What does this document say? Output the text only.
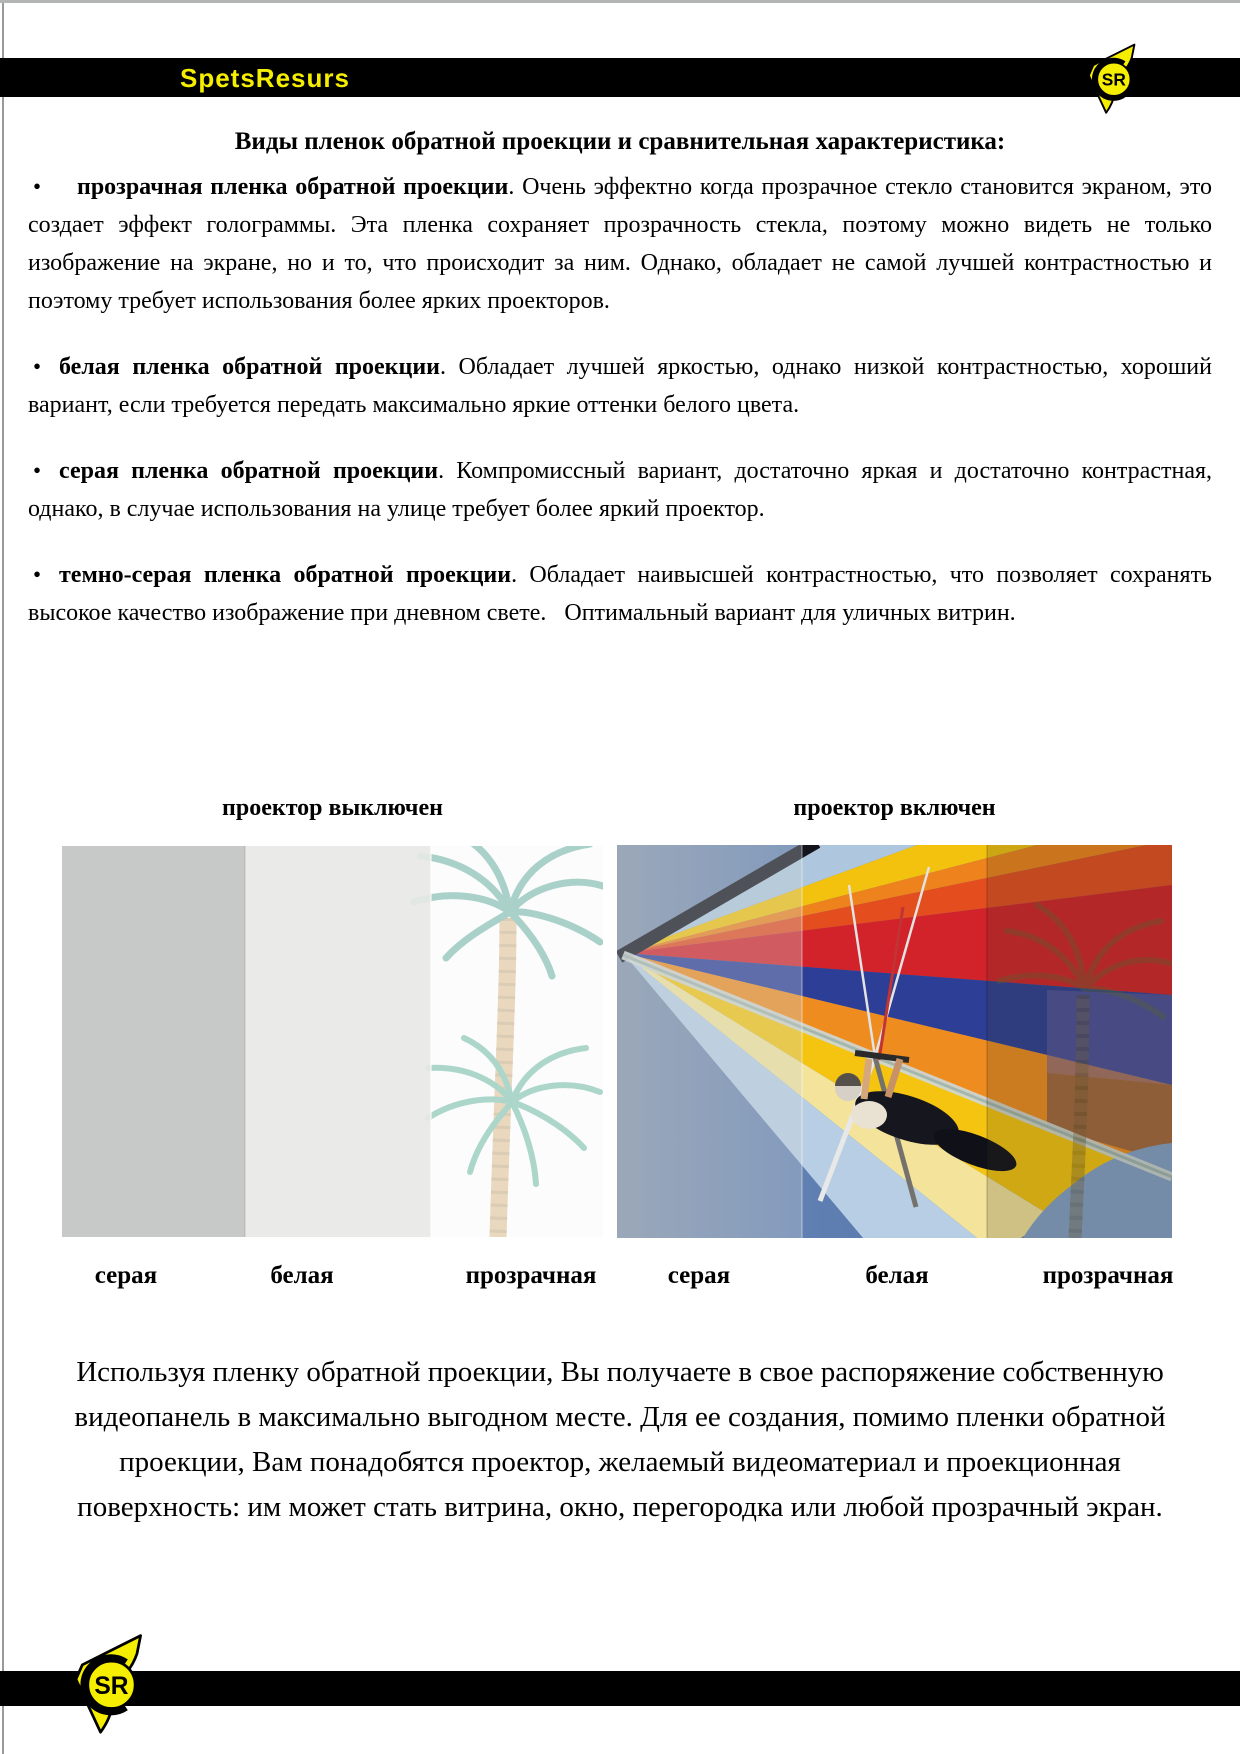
SpetsResurs	SR
Виды пленок обратной проекции и сравнительная характеристика:
• прозрачная пленка обратной проекции. Очень эффектно когда прозрачное стекло становится экраном, это создает эффект голограммы. Эта пленка сохраняет прозрачность стекла, поэтому можно видеть не только изображение на экране, но и то, что происходит за ним. Однако, обладает не самой лучшей контрастностью и поэтому требует использования более ярких проекторов.
• белая пленка обратной проекции. Обладает лучшей яркостью, однако низкой контрастностью, хороший вариант, если требуется передать максимально яркие оттенки белого цвета.
• серая пленка обратной проекции. Компромиссный вариант, достаточно яркая и достаточно контрастная, однако, в случае использования на улице требует более яркий проектор.
• темно-серая пленка обратной проекции. Обладает наивысшей контрастностью, что позволяет сохранять высокое качество изображение при дневном свете.   Оптимальный вариант для уличных витрин.
проектор выключен	проектор включен
серая	белая	прозрачная	серая	белая	прозрачная
Используя пленку обратной проекции, Вы получаете в свое распоряжение собственную видеопанель в максимально выгодном месте. Для ее создания, помимо пленки обратной проекции, Вам понадобятся проектор, желаемый видеоматериал и проекционная поверхность: им может стать витрина, окно, перегородка или любой прозрачный экран.
SR
